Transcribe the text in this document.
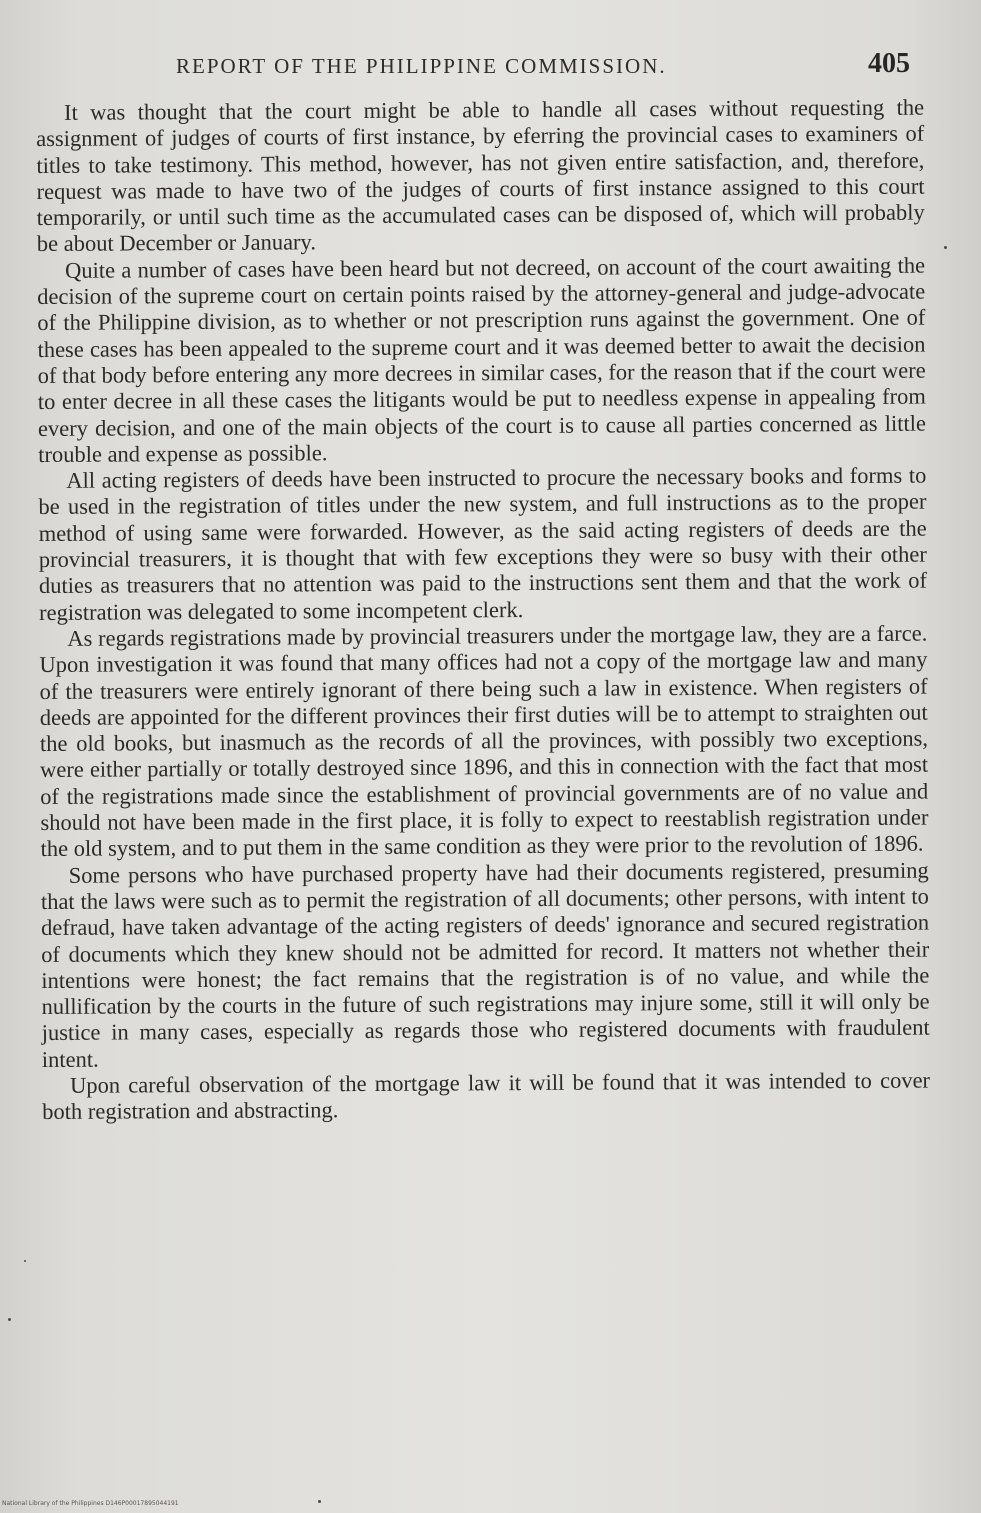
REPORT OF THE PHILIPPINE COMMISSION.	405

It was thought that the court might be able to handle all cases without requesting the assignment of judges of courts of first instance, by eferring the provincial cases to examiners of titles to take testimony. This method, however, has not given entire satisfaction, and, therefore, request was made to have two of the judges of courts of first instance assigned to this court temporarily, or until such time as the accumulated cases can be disposed of, which will probably be about December or January.

Quite a number of cases have been heard but not decreed, on account of the court awaiting the decision of the supreme court on certain points raised by the attorney-general and judge-advocate of the Philippine division, as to whether or not prescription runs against the government. One of these cases has been appealed to the supreme court and it was deemed better to await the decision of that body before entering any more decrees in similar cases, for the reason that if the court were to enter decree in all these cases the litigants would be put to needless expense in appealing from every decision, and one of the main objects of the court is to cause all parties concerned as little trouble and expense as possible.

All acting registers of deeds have been instructed to procure the necessary books and forms to be used in the registration of titles under the new system, and full instructions as to the proper method of using same were forwarded. However, as the said acting registers of deeds are the provincial treasurers, it is thought that with few exceptions they were so busy with their other duties as treasurers that no attention was paid to the instructions sent them and that the work of registration was delegated to some incompetent clerk.

As regards registrations made by provincial treasurers under the mortgage law, they are a farce. Upon investigation it was found that many offices had not a copy of the mortgage law and many of the treasurers were entirely ignorant of there being such a law in existence. When registers of deeds are appointed for the different provinces their first duties will be to attempt to straighten out the old books, but inasmuch as the records of all the provinces, with possibly two exceptions, were either partially or totally destroyed since 1896, and this in connection with the fact that most of the registrations made since the establishment of provincial governments are of no value and should not have been made in the first place, it is folly to expect to reestablish registration under the old system, and to put them in the same condition as they were prior to the revolution of 1896.

Some persons who have purchased property have had their documents registered, presuming that the laws were such as to permit the registration of all documents; other persons, with intent to defraud, have taken advantage of the acting registers of deeds' ignorance and secured registration of documents which they knew should not be admitted for record. It matters not whether their intentions were honest; the fact remains that the registration is of no value, and while the nullification by the courts in the future of such registrations may injure some, still it will only be justice in many cases, especially as regards those who registered documents with fraudulent intent.

Upon careful observation of the mortgage law it will be found that it was intended to cover both registration and abstracting.

National Library of the Philippines D146P00017895044191
